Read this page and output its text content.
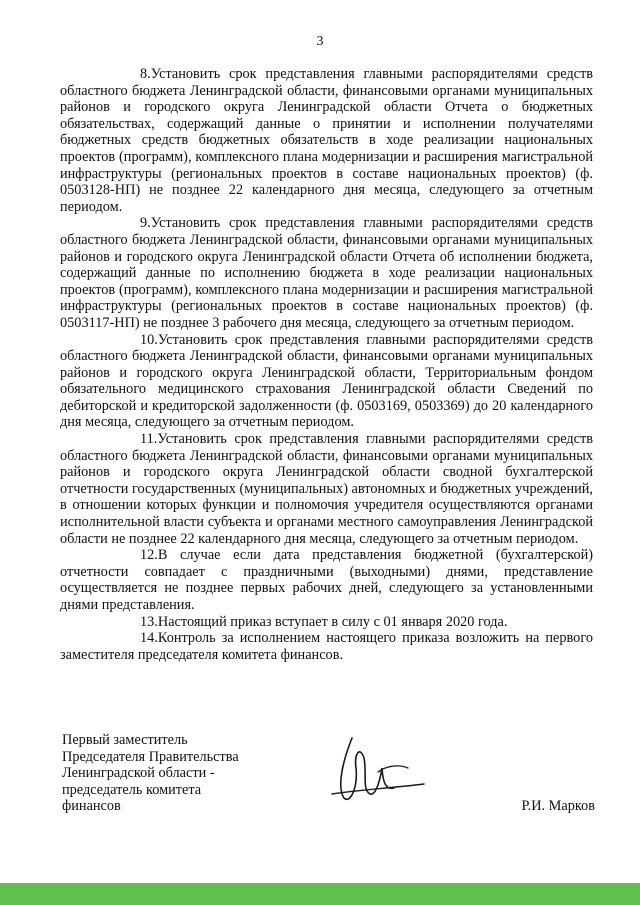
3

8.Установить срок представления главными распорядителями средств областного бюджета Ленинградской области, финансовыми органами муниципальных районов и городского округа Ленинградской области Отчета о бюджетных обязательствах, содержащий данные о принятии и исполнении получателями бюджетных средств бюджетных обязательств в ходе реализации национальных проектов (программ), комплексного плана модернизации и расширения магистральной инфраструктуры (региональных проектов в составе национальных проектов) (ф. 0503128-НП) не позднее 22 календарного дня месяца, следующего за отчетным периодом.

9.Установить срок представления главными распорядителями средств областного бюджета Ленинградской области, финансовыми органами муниципальных районов и городского округа Ленинградской области Отчета об исполнении бюджета, содержащий данные по исполнению бюджета в ходе реализации национальных проектов (программ), комплексного плана модернизации и расширения магистральной инфраструктуры (региональных проектов в составе национальных проектов) (ф. 0503117-НП) не позднее 3 рабочего дня месяца, следующего за отчетным периодом.

10.Установить срок представления главными распорядителями средств областного бюджета Ленинградской области, финансовыми органами муниципальных районов и городского округа Ленинградской области, Территориальным фондом обязательного медицинского страхования Ленинградской области Сведений по дебиторской и кредиторской задолженности (ф. 0503169, 0503369) до 20 календарного дня месяца, следующего за отчетным периодом.

11.Установить срок представления главными распорядителями средств областного бюджета Ленинградской области, финансовыми органами муниципальных районов и городского округа Ленинградской области сводной бухгалтерской отчетности государственных (муниципальных) автономных и бюджетных учреждений, в отношении которых функции и полномочия учредителя осуществляются органами исполнительной власти субъекта и органами местного самоуправления Ленинградской области не позднее 22 календарного дня месяца, следующего за отчетным периодом.

12.В случае если дата представления бюджетной (бухгалтерской) отчетности совпадает с праздничными (выходными) днями, представление осуществляется не позднее первых рабочих дней, следующего за установленными днями представления.

13.Настоящий приказ вступает в силу с 01 января 2020 года.

14.Контроль за исполнением настоящего приказа возложить на первого заместителя председателя комитета финансов.

Первый заместитель
Председателя Правительства
Ленинградской области -
председатель комитета
финансов	Р.И. Марков
